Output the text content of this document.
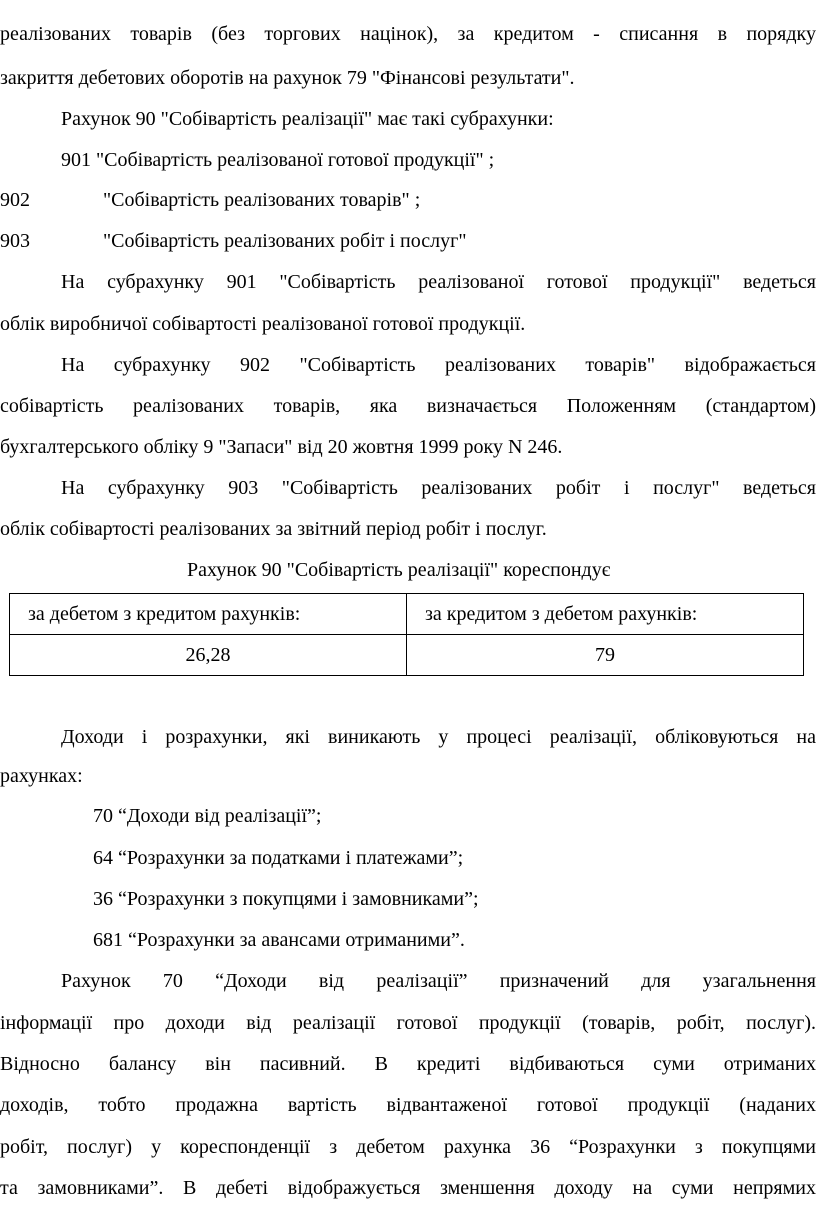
реалізованих товарів (без торгових націнок), за кредитом - списання в порядку
закриття дебетових оборотів на рахунок 79 "Фінансові результати".
Рахунок 90 "Собівартість реалізації" має такі субрахунки:
901 "Собівартість реалізованої готової продукції" ;
902	"Собівартість реалізованих товарів" ;
903	"Собівартість реалізованих робіт і послуг"
На субрахунку 901 "Собівартість реалізованої готової продукції" ведеться
облік виробничої собівартості реалізованої готової продукції.
На субрахунку 902 "Собівартість реалізованих товарів" відображається
собівартість реалізованих товарів, яка визначається Положенням (стандартом)
бухгалтерського обліку 9 "Запаси" від 20 жовтня 1999 року N 246.
На субрахунку 903 "Собівартість реалізованих робіт і послуг" ведеться
облік собівартості реалізованих за звітний період робіт і послуг.
Рахунок 90 "Собівартість реалізації" кореспондує
за дебетом з кредитом рахунків:	за кредитом з дебетом рахунків:
26,28	79
Доходи і розрахунки, які виникають у процесі реалізації, обліковуються на
рахунках:
70 “Доходи від реалізації”;
64 “Розрахунки за податками і платежами”;
36 “Розрахунки з покупцями і замовниками”;
681 “Розрахунки за авансами отриманими”.
Рахунок 70 “Доходи від реалізації” призначений для узагальнення
інформації про доходи від реалізації готової продукції (товарів, робіт, послуг).
Відносно балансу він пасивний. В кредиті відбиваються суми отриманих
доходів, тобто продажна вартість відвантаженої готової продукції (наданих
робіт, послуг) у кореспонденції з дебетом рахунка 36 “Розрахунки з покупцями
та замовниками”. В дебеті відображується зменшення доходу на суми непрямих
